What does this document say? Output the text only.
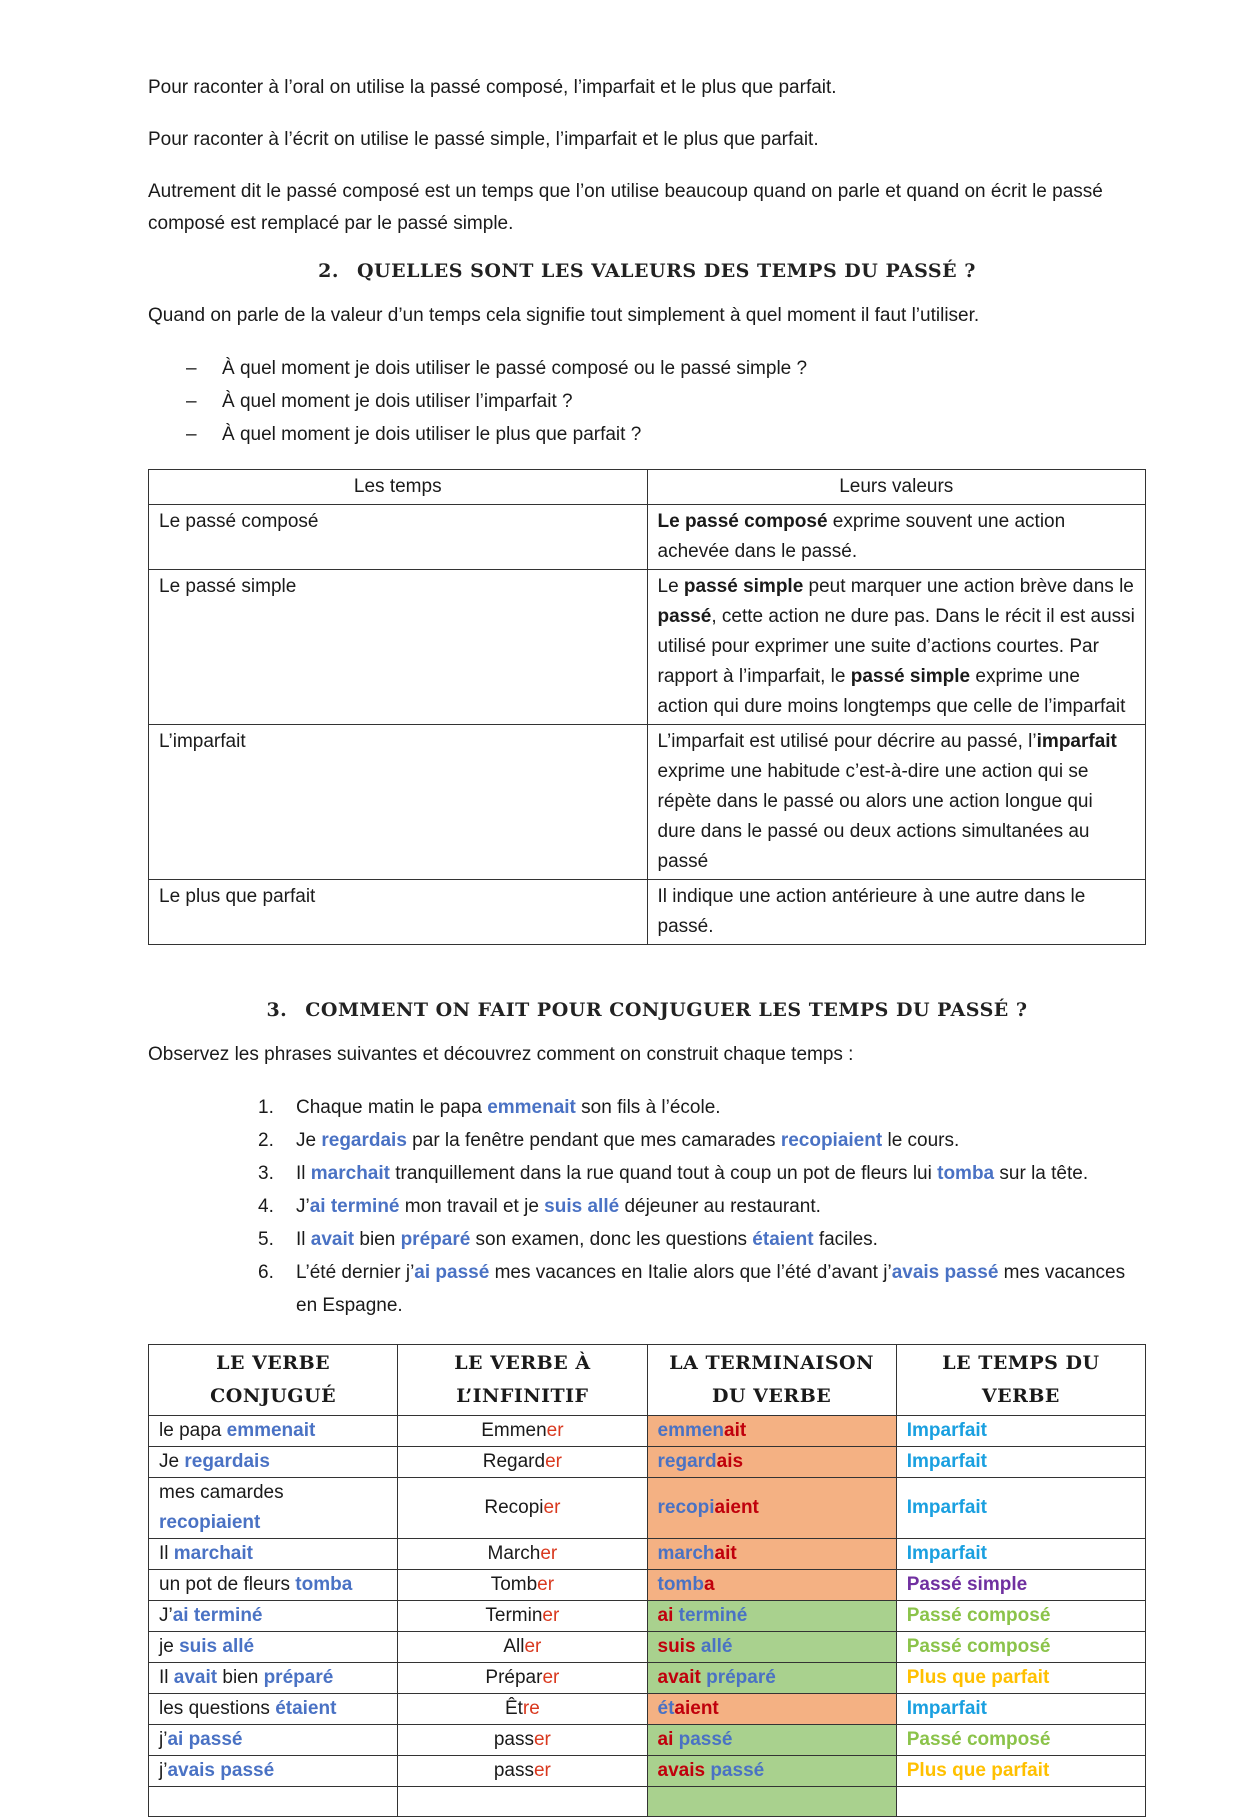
Pour raconter à l’oral on utilise la passé composé, l’imparfait et le plus que parfait.

Pour raconter à l’écrit on utilise le passé simple, l’imparfait et le plus que parfait.

Autrement dit le passé composé est un temps que l’on utilise beaucoup quand on parle et quand on écrit le passé composé est remplacé par le passé simple.

2. QUELLES SONT LES VALEURS DES TEMPS DU PASSÉ ?

Quand on parle de la valeur d’un temps cela signifie tout simplement à quel moment il faut l’utiliser.

– À quel moment je dois utiliser le passé composé ou le passé simple ?
– À quel moment je dois utiliser l’imparfait ?
– À quel moment je dois utiliser le plus que parfait ?
Les temps	Leurs valeurs
Le passé composé	Le passé composé exprime souvent une action achevée dans le passé.
Le passé simple	Le passé simple peut marquer une action brève dans le passé, cette action ne dure pas. Dans le récit il est aussi utilisé pour exprimer une suite d’actions courtes. Par rapport à l’imparfait, le passé simple exprime une action qui dure moins longtemps que celle de l’imparfait
L’imparfait	L’imparfait est utilisé pour décrire au passé, l’imparfait exprime une habitude c’est-à-dire une action qui se répète dans le passé ou alors une action longue qui dure dans le passé ou deux actions simultanées au passé
Le plus que parfait	Il indique une action antérieure à une autre dans le passé.
3. COMMENT ON FAIT POUR CONJUGUER LES TEMPS DU PASSÉ ?

Observez les phrases suivantes et découvrez comment on construit chaque temps :

1. Chaque matin le papa emmenait son fils à l’école.
2. Je regardais par la fenêtre pendant que mes camarades recopiaient le cours.
3. Il marchait tranquillement dans la rue quand tout à coup un pot de fleurs lui tomba sur la tête.
4. J’ai terminé mon travail et je suis allé déjeuner au restaurant.
5. Il avait bien préparé son examen, donc les questions étaient faciles.
6. L’été dernier j’ai passé mes vacances en Italie alors que l’été d’avant j’avais passé mes vacances en Espagne.
LE VERBE CONJUGUÉ	LE VERBE À L’INFINITIF	LA TERMINAISON DU VERBE	LE TEMPS DU VERBE
le papa emmenait	Emmener	emmenait	Imparfait
Je regardais	Regarder	regardais	Imparfait
mes camardes recopiaient	Recopier	recopiaient	Imparfait
Il marchait	Marcher	marchait	Imparfait
un pot de fleurs tomba	Tomber	tomba	Passé simple
J’ai terminé	Terminer	ai terminé	Passé composé
je suis allé	Aller	suis allé	Passé composé
Il avait bien préparé	Préparer	avait préparé	Plus que parfait
les questions étaient	Être	étaient	Imparfait
j’ai passé	passer	ai passé	Passé composé
j’avais passé	passer	avais passé	Plus que parfait
